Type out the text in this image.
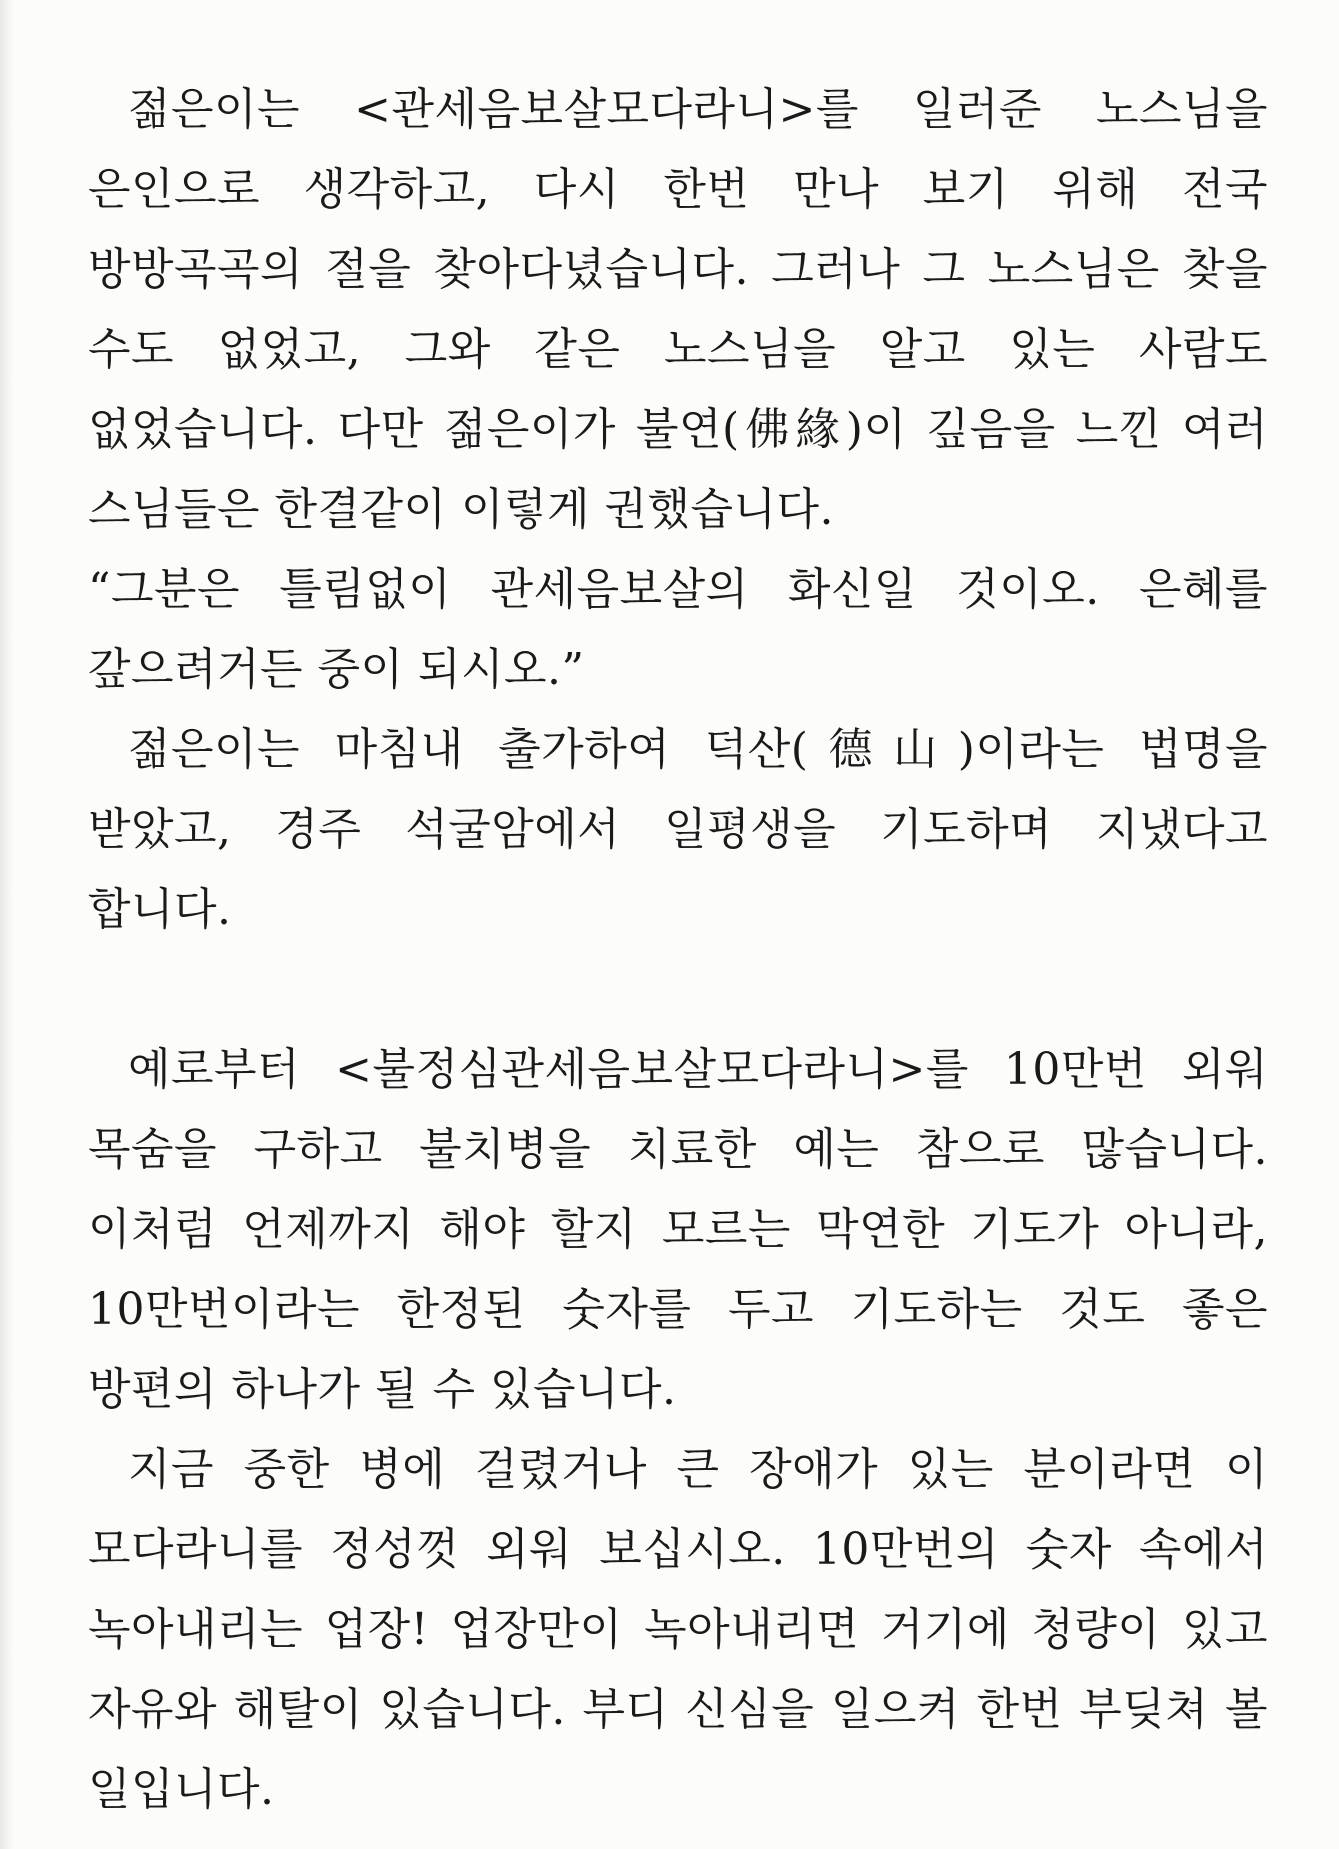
젊은이는 <관세음보살모다라니>를 일러준 노스님을 은인으로 생각하고, 다시 한번 만나 보기 위해 전국 방방곡곡의 절을 찾아다녔습니다. 그러나 그 노스님은 찾을 수도 없었고, 그와 같은 노스님을 알고 있는 사람도 없었습니다. 다만 젊은이가 불연(佛緣)이 깊음을 느낀 여러 스님들은 한결같이 이렇게 권했습니다.

“그분은 틀림없이 관세음보살의 화신일 것이오. 은혜를 갚으려거든 중이 되시오.”

젊은이는 마침내 출가하여 덕산(德山)이라는 법명을 받았고, 경주 석굴암에서 일평생을 기도하며 지냈다고 합니다.

예로부터 <불정심관세음보살모다라니>를 10만번 외워 목숨을 구하고 불치병을 치료한 예는 참으로 많습니다. 이처럼 언제까지 해야 할지 모르는 막연한 기도가 아니라, 10만번이라는 한정된 숫자를 두고 기도하는 것도 좋은 방편의 하나가 될 수 있습니다.

지금 중한 병에 걸렸거나 큰 장애가 있는 분이라면 이 모다라니를 정성껏 외워 보십시오. 10만번의 숫자 속에서 녹아내리는 업장! 업장만이 녹아내리면 거기에 청량이 있고 자유와 해탈이 있습니다. 부디 신심을 일으켜 한번 부딪쳐 볼 일입니다.
